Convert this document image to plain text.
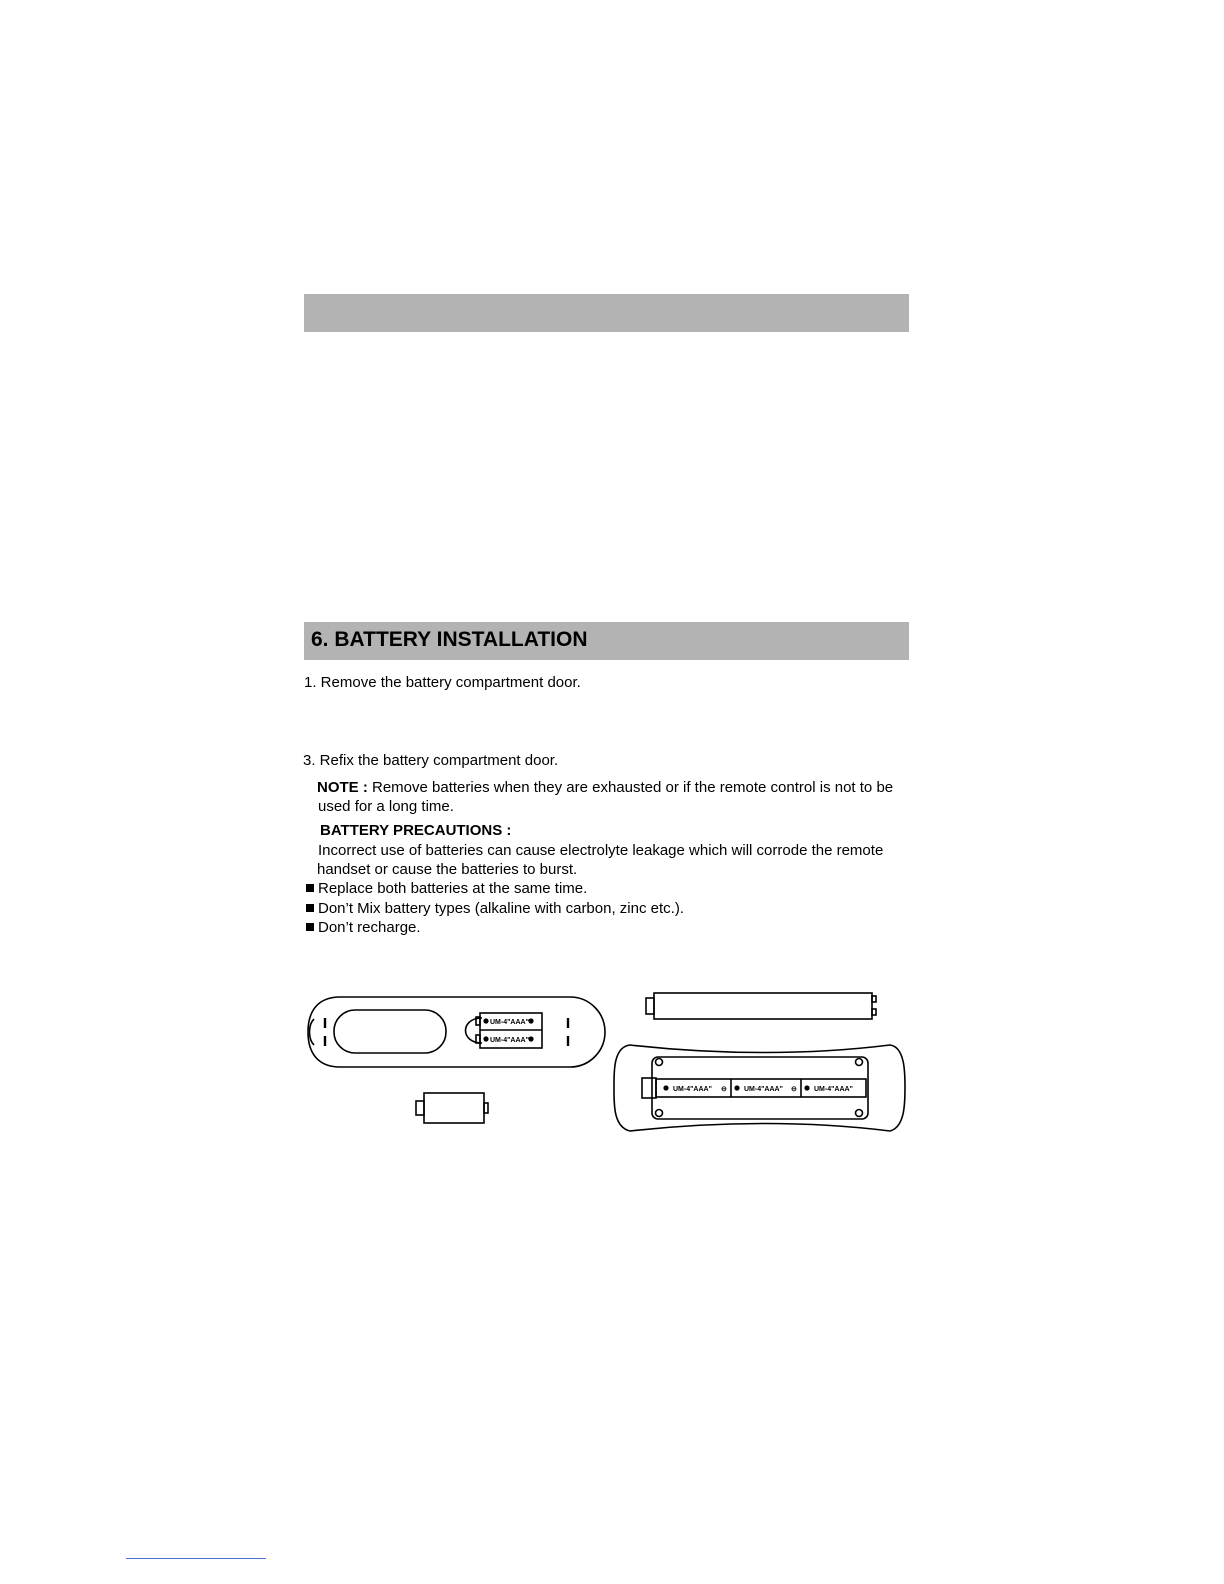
6. BATTERY INSTALLATION
1. Remove the battery compartment door.
3. Refix the battery compartment door.
NOTE : Remove batteries when they are exhausted or if the remote control is not to be
used for a long time.
BATTERY PRECAUTIONS :
Incorrect use of batteries can cause electrolyte leakage which will corrode the remote
handset or cause the batteries to burst.
Replace both batteries at the same time.
Don’t Mix battery types (alkaline with carbon, zinc etc.).
Don’t recharge.
UM-4"AAA"
UM-4"AAA"
UM-4"AAA"	UM-4"AAA"	UM-4"AAA"
⊖	⊖
